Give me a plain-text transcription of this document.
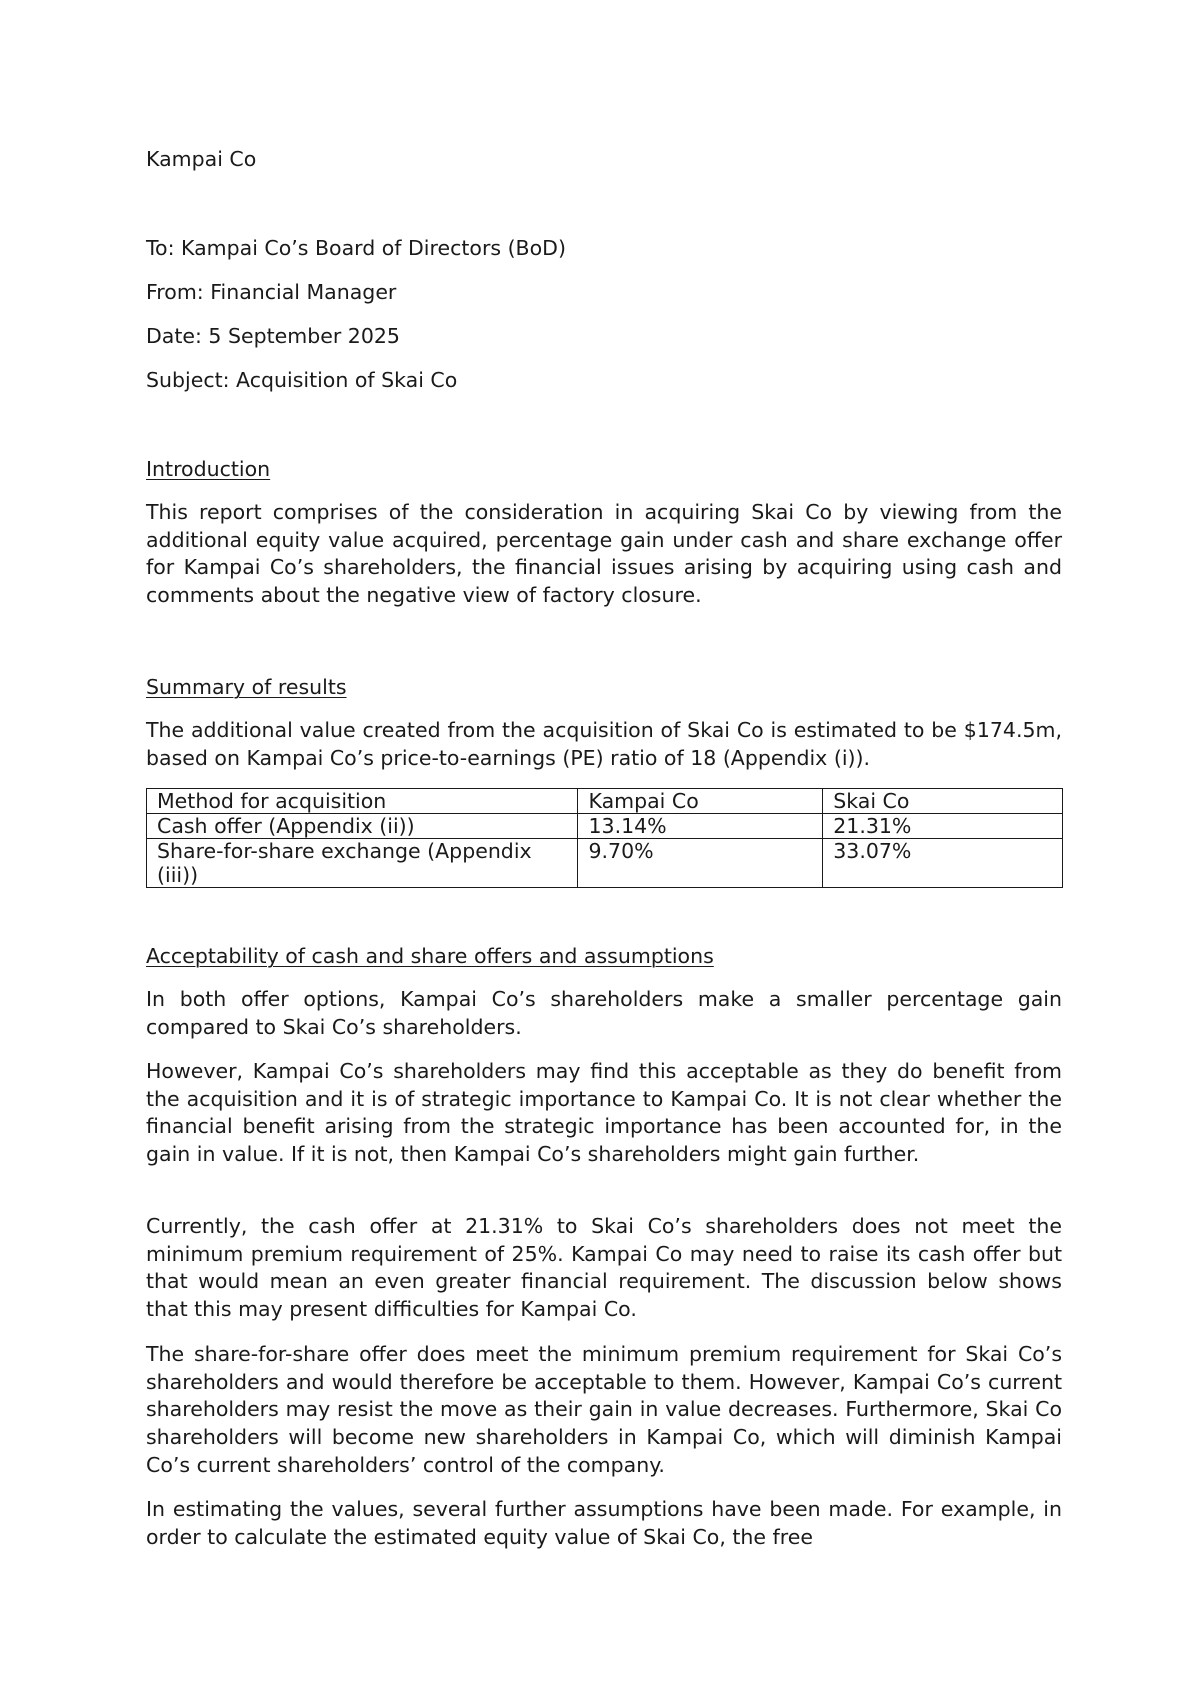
Kampai Co

To: Kampai Co’s Board of Directors (BoD)

From: Financial Manager

Date: 5 September 2025

Subject: Acquisition of Skai Co

Introduction

This report comprises of the consideration in acquiring Skai Co by viewing from the additional equity value acquired, percentage gain under cash and share exchange offer for Kampai Co’s shareholders, the financial issues arising by acquiring using cash and comments about the negative view of factory closure.

Summary of results

The additional value created from the acquisition of Skai Co is estimated to be $174.5m, based on Kampai Co’s price-to-earnings (PE) ratio of 18 (Appendix (i)).

Method for acquisition	Kampai Co	Skai Co
Cash offer (Appendix (ii))	13.14%	21.31%
Share-for-share exchange (Appendix (iii))	9.70%	33.07%

Acceptability of cash and share offers and assumptions

In both offer options, Kampai Co’s shareholders make a smaller percentage gain compared to Skai Co’s shareholders.

However, Kampai Co’s shareholders may find this acceptable as they do benefit from the acquisition and it is of strategic importance to Kampai Co. It is not clear whether the financial benefit arising from the strategic importance has been accounted for, in the gain in value. If it is not, then Kampai Co’s shareholders might gain further.

Currently, the cash offer at 21.31% to Skai Co’s shareholders does not meet the minimum premium requirement of 25%. Kampai Co may need to raise its cash offer but that would mean an even greater financial requirement. The discussion below shows that this may present difficulties for Kampai Co.

The share-for-share offer does meet the minimum premium requirement for Skai Co’s shareholders and would therefore be acceptable to them. However, Kampai Co’s current shareholders may resist the move as their gain in value decreases. Furthermore, Skai Co shareholders will become new shareholders in Kampai Co, which will diminish Kampai Co’s current shareholders’ control of the company.

In estimating the values, several further assumptions have been made. For example, in order to calculate the estimated equity value of Skai Co, the free
